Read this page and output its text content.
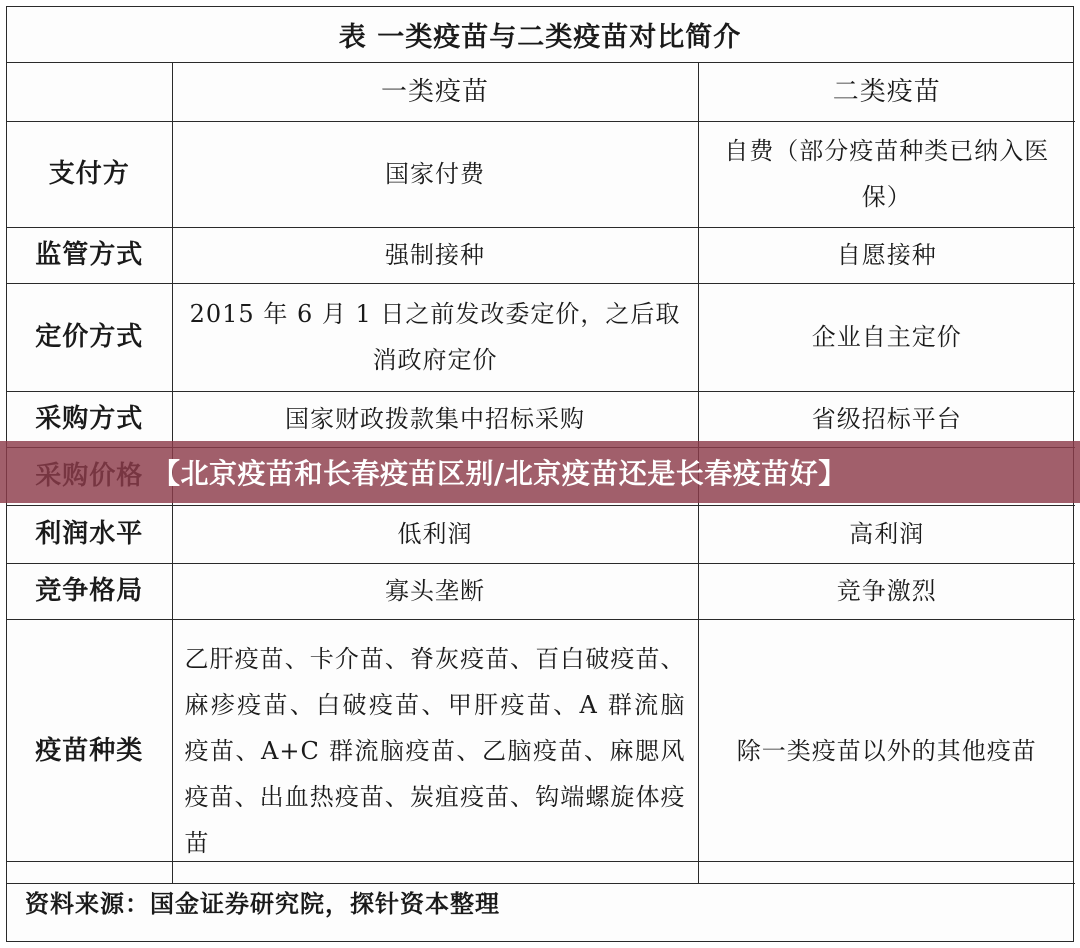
表 一类疫苗与二类疫苗对比简介
	一类疫苗	二类疫苗
支付方	国家付费	自费（部分疫苗种类已纳入医保）
监管方式	强制接种	自愿接种
定价方式	2015 年 6 月 1 日之前发改委定价，之后取消政府定价	企业自主定价
采购方式	国家财政拨款集中招标采购	省级招标平台

利润水平	低利润	高利润
竞争格局	寡头垄断	竞争激烈
疫苗种类	乙肝疫苗、卡介苗、脊灰疫苗、百白破疫苗、麻疹疫苗、白破疫苗、甲肝疫苗、A 群流脑疫苗、A+C 群流脑疫苗、乙脑疫苗、麻腮风疫苗、出血热疫苗、炭疽疫苗、钩端螺旋体疫苗	除一类疫苗以外的其他疫苗
资料来源：国金证券研究院，探针资本整理
【北京疫苗和长春疫苗区别/北京疫苗还是长春疫苗好】
